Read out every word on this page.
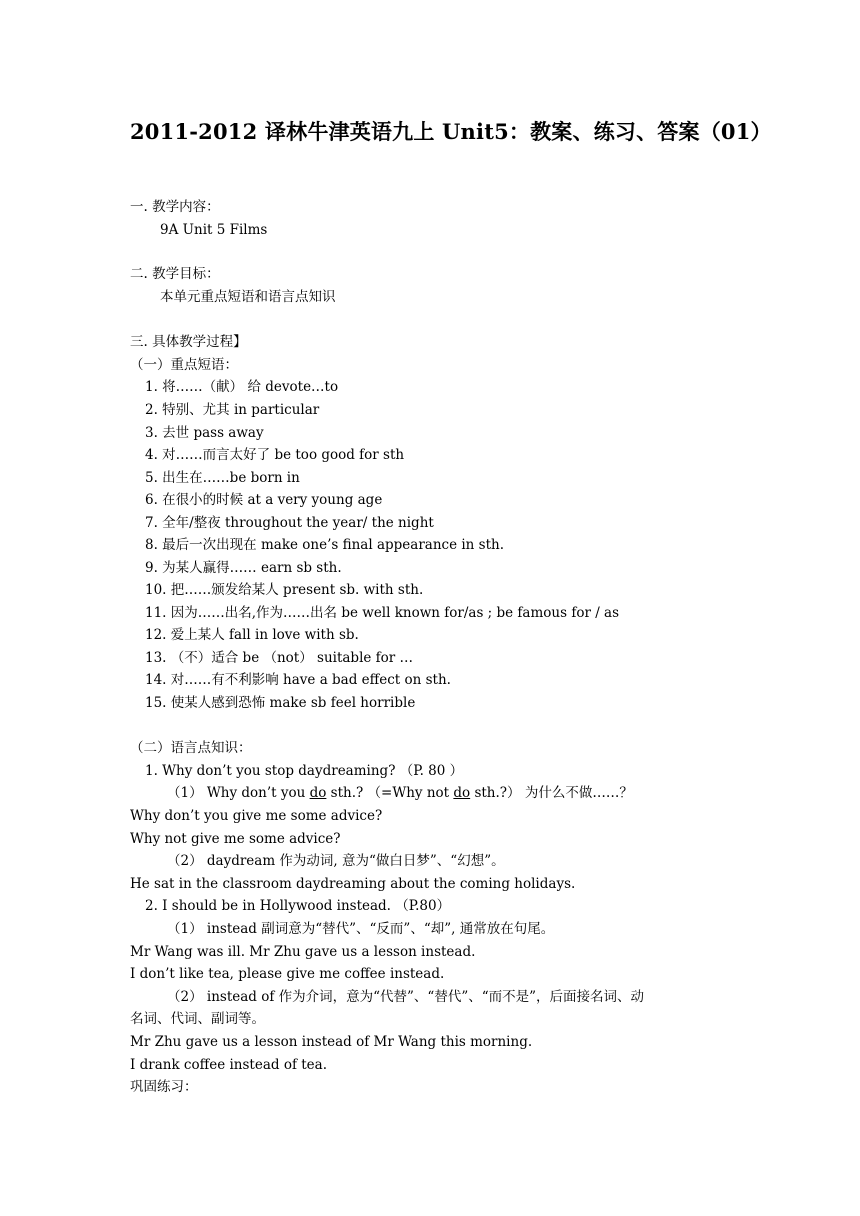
2011-2012 译林牛津英语九上 Unit5：教案、练习、答案（01）
一. 教学内容：
9A Unit 5 Films
二. 教学目标：
本单元重点短语和语言点知识
三. 具体教学过程】
（一）重点短语：
1. 将……（献） 给 devote…to
2. 特别、尤其 in particular
3. 去世 pass away
4. 对……而言太好了 be too good for sth
5. 出生在……be born in
6. 在很小的时候 at a very young age
7. 全年/整夜 throughout the year/ the night
8. 最后一次出现在 make one’s final appearance in sth.
9. 为某人赢得…… earn sb sth.
10. 把……颁发给某人 present sb. with sth.
11. 因为……出名,作为……出名 be well known for/as ; be famous for / as
12. 爱上某人 fall in love with sb.
13. （不）适合 be （not） suitable for …
14. 对……有不利影响 have a bad effect on sth.
15. 使某人感到恐怖 make sb feel horrible
（二）语言点知识：
1. Why don’t you stop daydreaming? （P. 80 ）
（1） Why don’t you do sth.? （=Why not do sth.?） 为什么不做……？
Why don’t you give me some advice?
Why not give me some advice?
（2） daydream 作为动词, 意为“做白日梦”、“幻想”。
He sat in the classroom daydreaming about the coming holidays.
2. I should be in Hollywood instead. （P.80）
（1） instead 副词意为“替代”、“反而”、“却”, 通常放在句尾。
Mr Wang was ill. Mr Zhu gave us a lesson instead.
I don’t like tea, please give me coffee instead.
（2） instead of 作为介词，意为“代替”、“替代”、“而不是”，后面接名词、动
名词、代词、副词等。
Mr Zhu gave us a lesson instead of Mr Wang this morning.
I drank coffee instead of tea.
巩固练习：
